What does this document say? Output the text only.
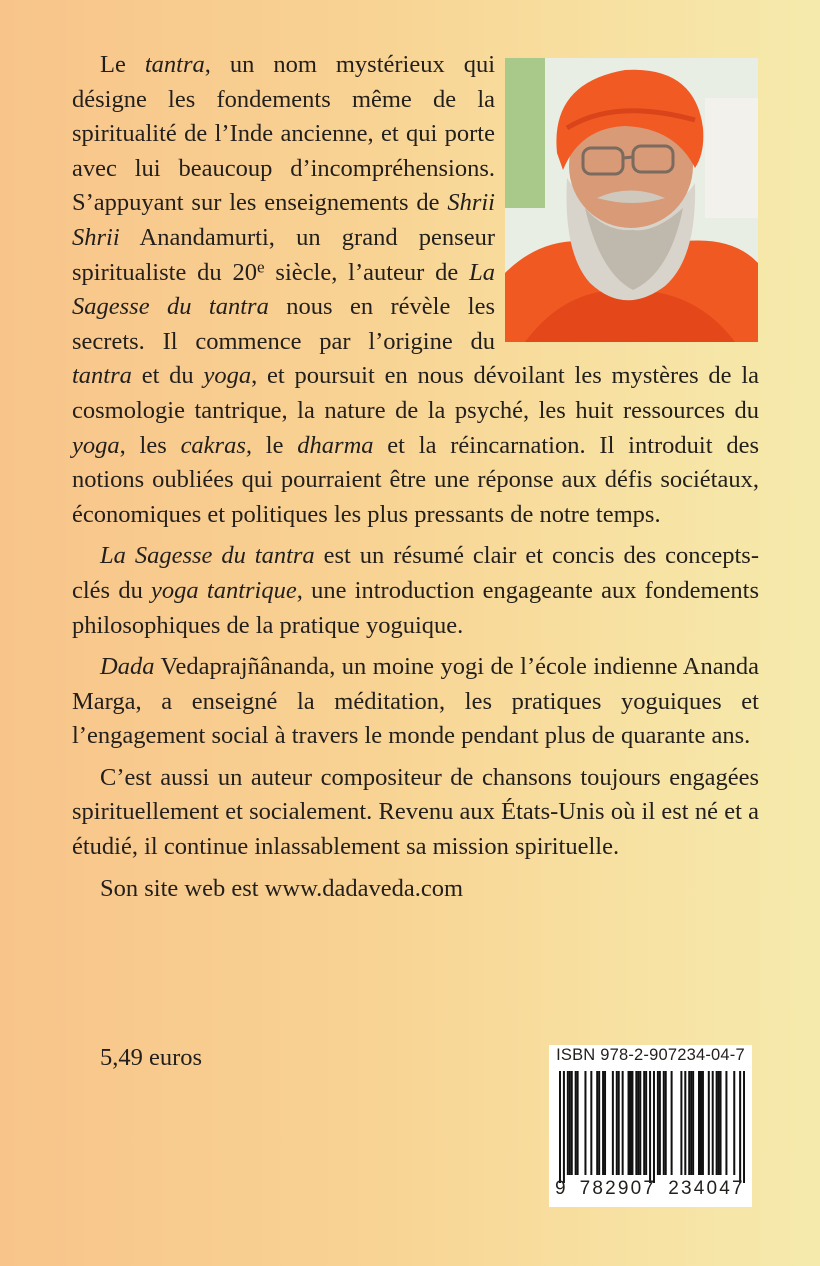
Le tantra, un nom mystérieux qui désigne les fondements même de la spiritualité de l’Inde ancienne, et qui porte avec lui beaucoup d’incompréhensions. S’appuyant sur les enseignements de Shrii Shrii Anandamurti, un grand penseur spiritualiste du 20e siècle, l’auteur de La Sagesse du tantra nous en révèle les secrets. Il commence par l’origine du tantra et du yoga, et poursuit en nous dévoilant les mystères de la cosmologie tantrique, la nature de la psyché, les huit ressources du yoga, les cakras, le dharma et la réincarnation. Il introduit des notions oubliées qui pourraient être une réponse aux défis sociétaux, économiques et politiques les plus pressants de notre temps.

La Sagesse du tantra est un résumé clair et concis des concepts-clés du yoga tantrique, une introduction engageante aux fondements philosophiques de la pratique yoguique.

Dada Vedaprajñânanda, un moine yogi de l’école indienne Ananda Marga, a enseigné la méditation, les pratiques yoguiques et l’engagement social à travers le monde pendant plus de quarante ans.

C’est aussi un auteur compositeur de chansons toujours engagées spirituellement et socialement. Revenu aux États-Unis où il est né et a étudié, il continue inlassablement sa mission spirituelle.

Son site web est www.dadaveda.com

5,49 euros	ISBN 978-2-907234-04-7
9 782907 234047
